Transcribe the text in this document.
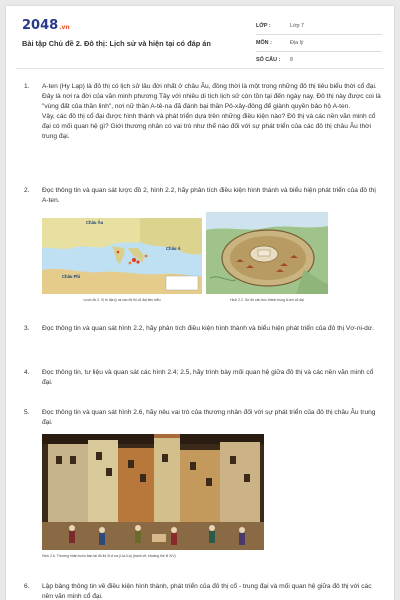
2048.vn
Bài tập Chủ đề 2. Đô thị: Lịch sử và hiện tại có đáp án
LỚP :	Lớp 7
MÔN :	Địa lý
SỐ CÂU :	8
1.	A-ten (Hy Lạp) là đô thị có lịch sử lâu đời nhất ở châu Âu, đồng thời là một trong những đô thị tiêu biểu thời cổ đại. Đây là nơi ra đời của văn minh phương Tây với nhiều di tích lịch sử còn tồn tại đến ngày nay. Đô thị này được coi là "vùng đất của thần linh", nơi nữ thần A-tê-na đã đánh bại thần Pô-xây-đông để giành quyền bảo hộ A-ten.

Vậy, các đô thị cổ đại được hình thành và phát triển dựa trên những điều kiện nào? Đô thị và các nền văn minh cổ đại có mối quan hệ gì? Giới thương nhân có vai trò như thế nào đối với sự phát triển của các đô thị châu Âu thời trung đại.

2.	Đọc thông tin và quan sát lược đồ 2, hình 2.2, hãy phân tích điều kiện hình thành và biểu hiện phát triển của đô thị A-ten.

Châu Âu
Châu Á
Châu Phi
Lược đồ 2. Vị trí địa lý và các đô thị cổ đại tiêu biểu	Hình 2.2. Sơ đồ cấu trúc thành trung A-ten cổ đại
3.	Đọc thông tin và quan sát hình 2.2, hãy phân tích điều kiện hình thành và biểu hiện phát triển của đô thị Vơ-ni-dơ.

4.	Đọc thông tin, tư liệu và quan sát các hình 2.4; 2.5, hãy trình bày mối quan hệ giữa đô thị và các nền văn minh cổ đại.

5.	Đọc thông tin và quan sát hình 2.6, hãy nêu vai trò của thương nhân đối với sự phát triển của đô thị châu Âu trung đại.

Hình 2.6. Thương nhân buôn bán tại đô thị Xi-ê-na (I-ta-li-a) (tranh vẽ, khoảng thế kỉ XIV)
6.	Lập bảng thông tin về điều kiện hình thành, phát triển của đô thị cổ - trung đại và mối quan hệ giữa đô thị với các nền văn minh cổ đại.
